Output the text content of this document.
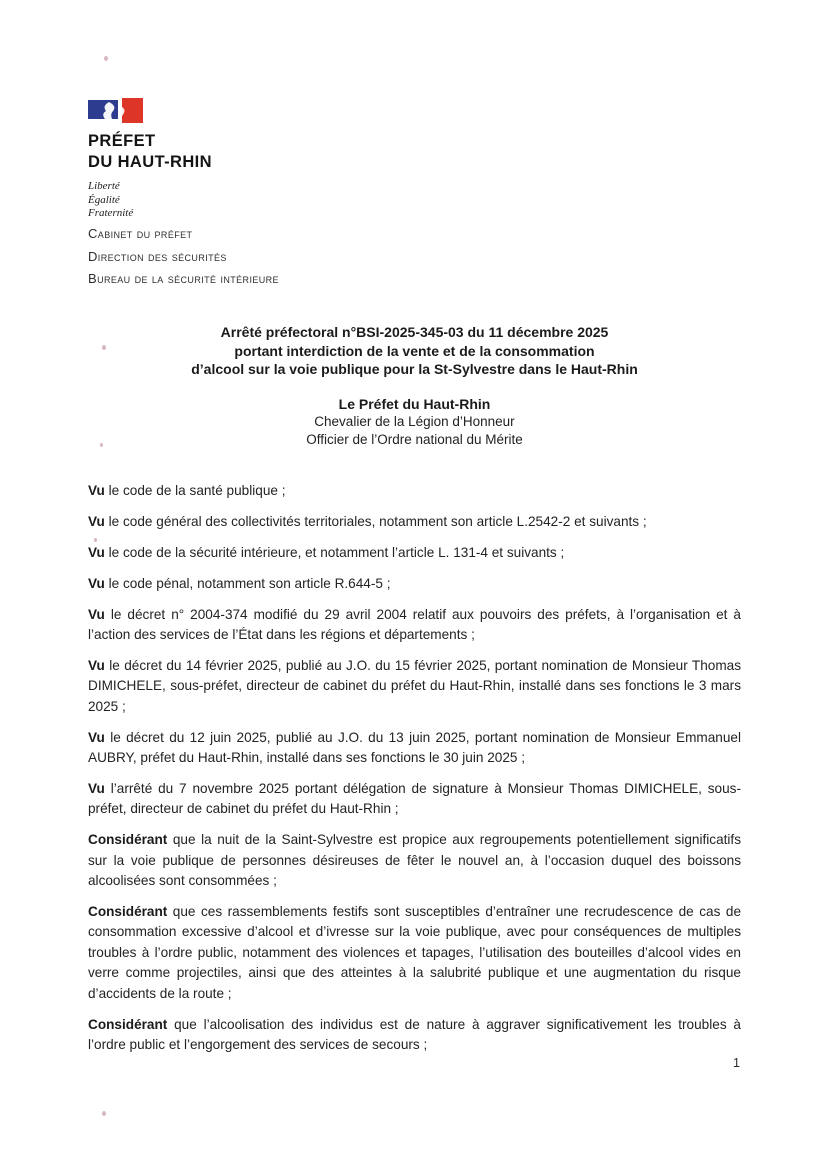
PRÉFET
DU HAUT-RHIN
Liberté
Égalité
Fraternité
Cabinet du préfet
Direction des sécurités
Bureau de la sécurité intérieure
Arrêté préfectoral n°BSI-2025-345-03 du 11 décembre 2025
portant interdiction de la vente et de la consommation
d’alcool sur la voie publique pour la St-Sylvestre dans le Haut-Rhin
Le Préfet du Haut-Rhin
Chevalier de la Légion d’Honneur
Officier de l’Ordre national du Mérite

Vu le code de la santé publique ;

Vu le code général des collectivités territoriales, notamment son article L.2542-2 et suivants ;

Vu le code de la sécurité intérieure, et notamment l’article L. 131-4 et suivants ;

Vu le code pénal, notamment son article R.644-5 ;

Vu le décret n° 2004-374 modifié du 29 avril 2004 relatif aux pouvoirs des préfets, à l’organisation et à l’action des services de l’État dans les régions et départements ;

Vu le décret du 14 février 2025, publié au J.O. du 15 février 2025, portant nomination de Monsieur Thomas DIMICHELE, sous-préfet, directeur de cabinet du préfet du Haut-Rhin, installé dans ses fonctions le 3 mars 2025 ;

Vu le décret du 12 juin 2025, publié au J.O. du 13 juin 2025, portant nomination de Monsieur Emmanuel AUBRY, préfet du Haut-Rhin, installé dans ses fonctions le 30 juin 2025 ;

Vu l’arrêté du 7 novembre 2025 portant délégation de signature à Monsieur Thomas DIMICHELE, sous-préfet, directeur de cabinet du préfet du Haut-Rhin ;

Considérant que la nuit de la Saint-Sylvestre est propice aux regroupements potentiellement significatifs sur la voie publique de personnes désireuses de fêter le nouvel an, à l’occasion duquel des boissons alcoolisées sont consommées ;

Considérant que ces rassemblements festifs sont susceptibles d’entraîner une recrudescence de cas de consommation excessive d’alcool et d’ivresse sur la voie publique, avec pour conséquences de multiples troubles à l’ordre public, notamment des violences et tapages, l’utilisation des bouteilles d’alcool vides en verre comme projectiles, ainsi que des atteintes à la salubrité publique et une augmentation du risque d’accidents de la route ;

Considérant que l’alcoolisation des individus est de nature à aggraver significativement les troubles à l’ordre public et l’engorgement des services de secours ;

1
